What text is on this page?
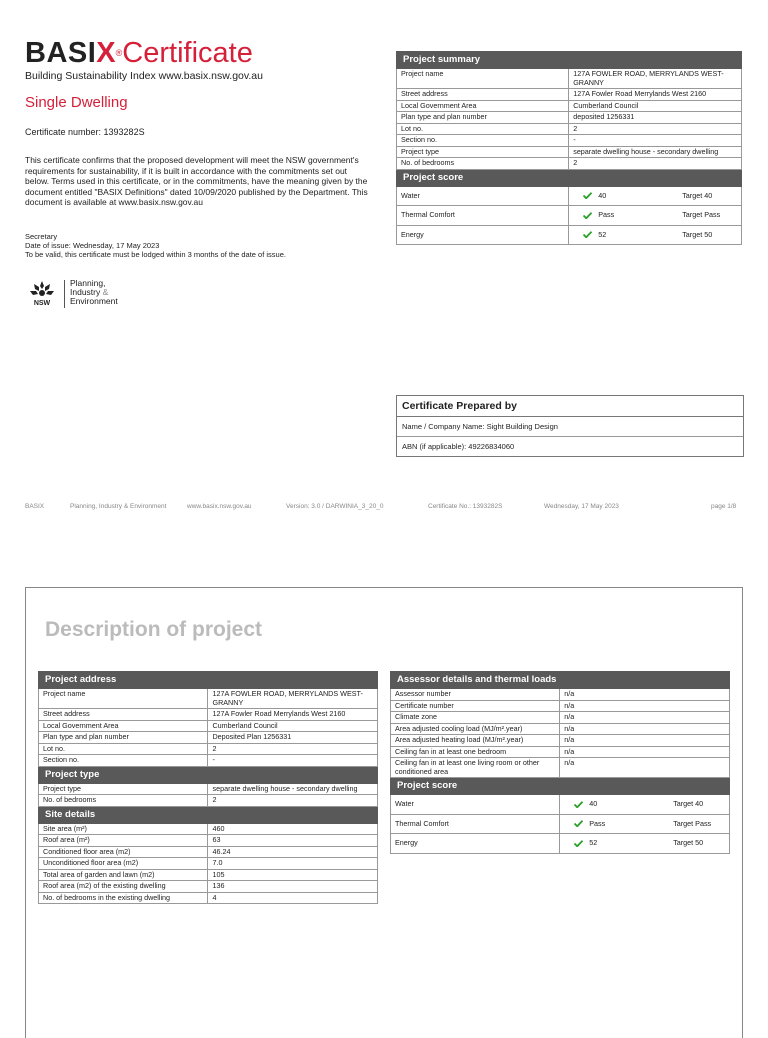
BASIX®Certificate
Building Sustainability Index www.basix.nsw.gov.au
Single Dwelling
Certificate number: 1393282S
This certificate confirms that the proposed development will meet the NSW government's requirements for sustainability, if it is built in accordance with the commitments set out below. Terms used in this certificate, or in the commitments, have the meaning given by the document entitled "BASIX Definitions" dated 10/09/2020 published by the Department. This document is available at www.basix.nsw.gov.au
Secretary
Date of issue: Wednesday, 17 May 2023
To be valid, this certificate must be lodged within 3 months of the date of issue.
NSW
Planning,
Industry &
Environment
Project summary	
Project name	127A FOWLER ROAD, MERRYLANDS WEST- GRANNY
Street address	127A Fowler Road Merrylands West 2160
Local Government Area	Cumberland Council
Plan type and plan number	deposited 1256331
Lot no.	2
Section no.	-
Project type	separate dwelling house - secondary dwelling
No. of bedrooms	2
Project score	
Water	40 Target 40

Thermal Comfort	Pass Target Pass

Energy	52 Target 50
Certificate Prepared by
Name / Company Name: Sight Building Design
ABN (if applicable): 49226834060
BASIX	Planning, Industry & Environment	www.basix.nsw.gov.au	Version: 3.0 / DARWINIA_3_20_0	Certificate No.: 1393282S	Wednesday, 17 May 2023	page 1/8
Description of project
Project address	
Project name	127A FOWLER ROAD, MERRYLANDS WEST- GRANNY
Street address	127A Fowler Road Merrylands West 2160
Local Government Area	Cumberland Council
Plan type and plan number	Deposited Plan 1256331
Lot no.	2
Section no.	-
Project type	
Project type	separate dwelling house - secondary dwelling
No. of bedrooms	2
Site details	
Site area (m²)	460
Roof area (m²)	63
Conditioned floor area (m2)	46.24
Unconditioned floor area (m2)	7.0
Total area of garden and lawn (m2)	105
Roof area (m2) of the existing dwelling	136
No. of bedrooms in the existing dwelling	4
Assessor details and thermal loads	
Assessor number	n/a
Certificate number	n/a
Climate zone	n/a
Area adjusted cooling load (MJ/m².year)	n/a
Area adjusted heating load (MJ/m².year)	n/a
Ceiling fan in at least one bedroom	n/a
Ceiling fan in at least one living room or other conditioned area	n/a
Project score	
Water	40 Target 40

Thermal Comfort	Pass Target Pass

Energy	52 Target 50
